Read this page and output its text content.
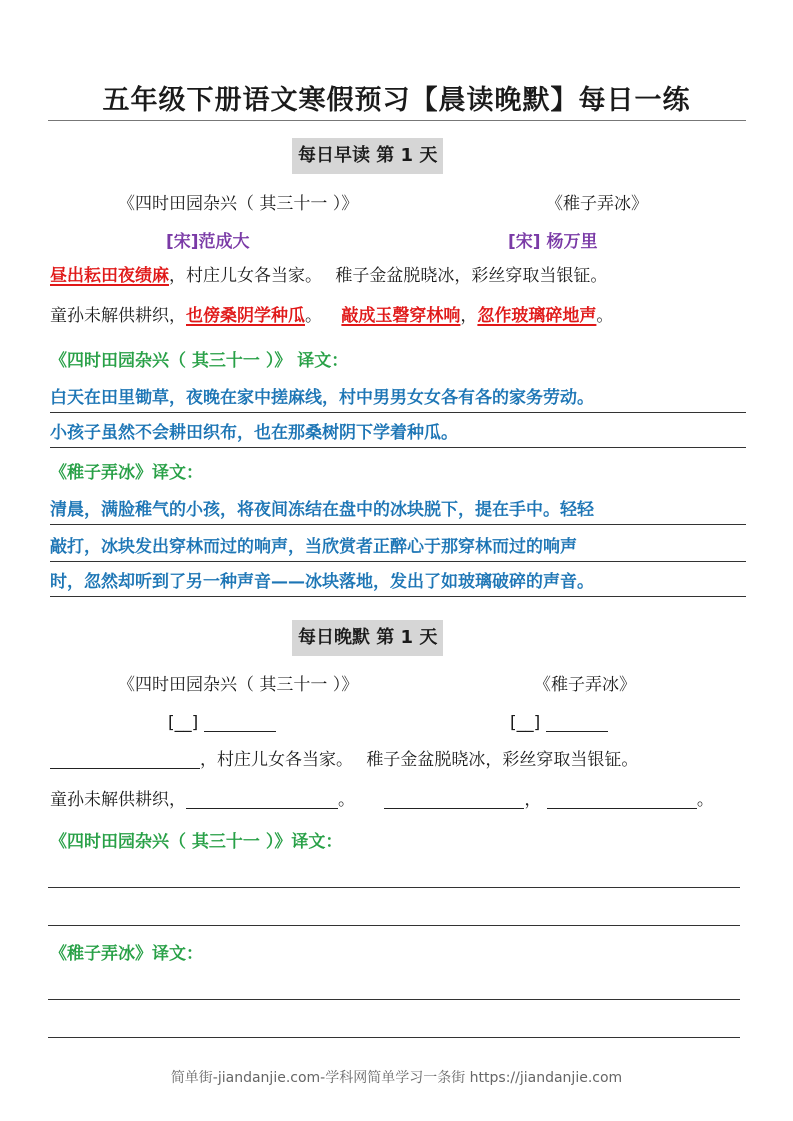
五年级下册语文寒假预习【晨读晚默】每日一练
每日早读 第 1 天
《四时田园杂兴（ 其三十一 ）》	《稚子弄冰》
[宋]范成大	[宋] 杨万里
昼出耘田夜绩麻，村庄儿女各当家。 稚子金盆脱晓冰，彩丝穿取当银钲。
童孙未解供耕织，也傍桑阴学种瓜。 敲成玉磬穿林响，忽作玻璃碎地声。
《四时田园杂兴（ 其三十一 ）》 译文：
白天在田里锄草，夜晚在家中搓麻线，村中男男女女各有各的家务劳动。
小孩子虽然不会耕田织布，也在那桑树阴下学着种瓜。
《稚子弄冰》译文：
清晨，满脸稚气的小孩，将夜间冻结在盘中的冰块脱下，提在手中。轻轻
敲打，冰块发出穿林而过的响声，当欣赏者正醉心于那穿林而过的响声
时，忽然却听到了另一种声音——冰块落地，发出了如玻璃破碎的声音。
每日晚默 第 1 天
《四时田园杂兴（ 其三十一 ）》	《稚子弄冰》
[__]	[__]
，村庄儿女各当家。 稚子金盆脱晓冰，彩丝穿取当银钲。
童孙未解供耕织，	。	，	。
《四时田园杂兴（ 其三十一 ）》译文：
《稚子弄冰》译文：
简单街-jiandanjie.com-学科网简单学习一条街 https://jiandanjie.com
